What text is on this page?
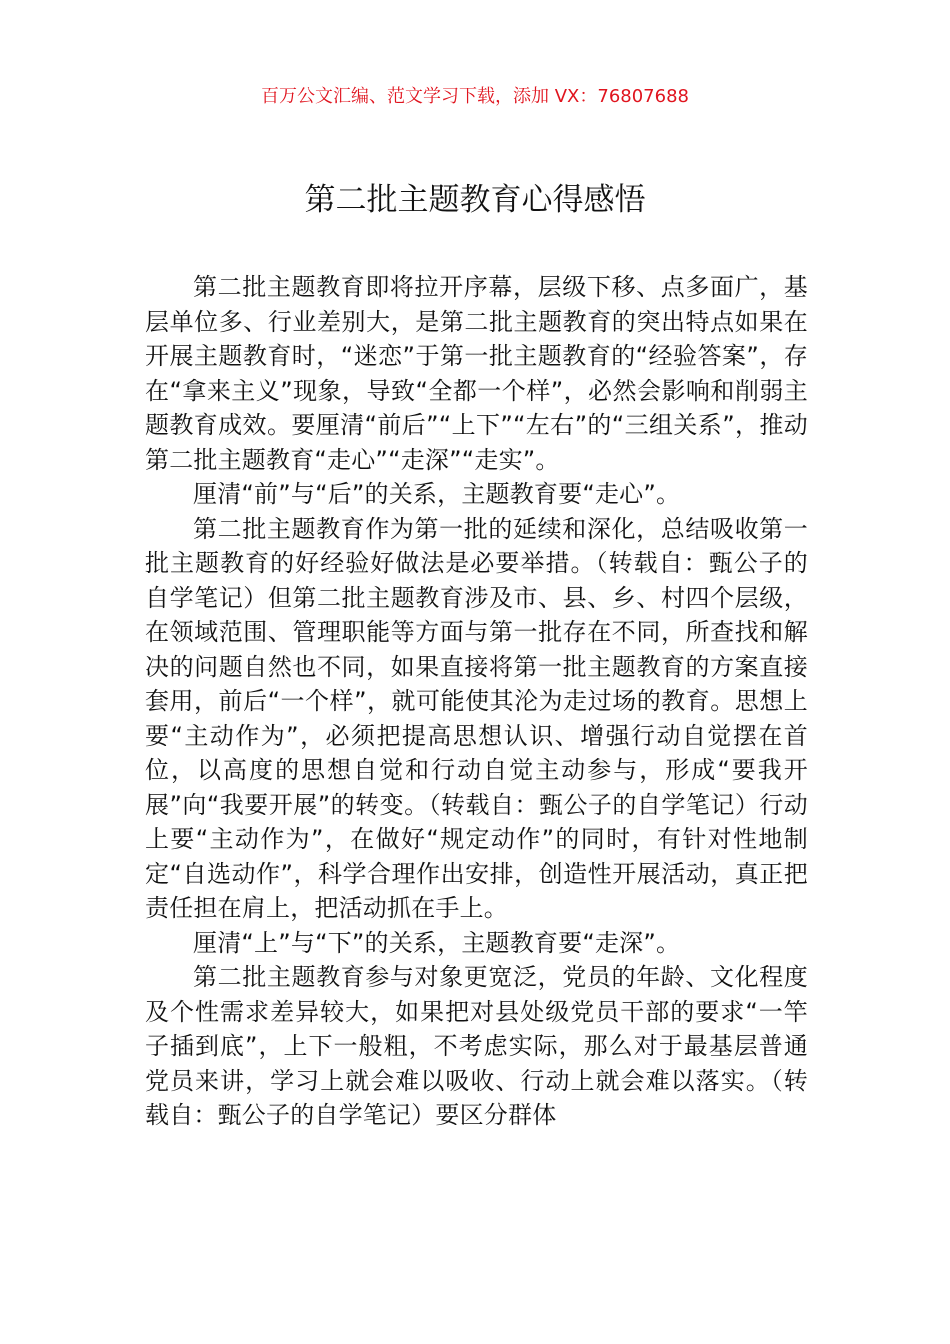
百万公文汇编、范文学习下载，添加 VX：76807688
第二批主题教育心得感悟

第二批主题教育即将拉开序幕，层级下移、点多面广，基层单位多、行业差别大，是第二批主题教育的突出特点如果在开展主题教育时，“迷恋”于第一批主题教育的“经验答案”，存在“拿来主义”现象，导致“全都一个样”，必然会影响和削弱主题教育成效。要厘清“前后”“上下”“左右”的“三组关系”，推动第二批主题教育“走心”“走深”“走实”。

厘清“前”与“后”的关系，主题教育要“走心”。

第二批主题教育作为第一批的延续和深化，总结吸收第一批主题教育的好经验好做法是必要举措。（转载自：甄公子的自学笔记）但第二批主题教育涉及市、县、乡、村四个层级，在领域范围、管理职能等方面与第一批存在不同，所查找和解决的问题自然也不同，如果直接将第一批主题教育的方案直接套用，前后“一个样”，就可能使其沦为走过场的教育。思想上要“主动作为”，必须把提高思想认识、增强行动自觉摆在首位，以高度的思想自觉和行动自觉主动参与，形成“要我开展”向“我要开展”的转变。（转载自：甄公子的自学笔记）行动上要“主动作为”，在做好“规定动作”的同时，有针对性地制定“自选动作”，科学合理作出安排，创造性开展活动，真正把责任担在肩上，把活动抓在手上。

厘清“上”与“下”的关系，主题教育要“走深”。

第二批主题教育参与对象更宽泛，党员的年龄、文化程度及个性需求差异较大，如果把对县处级党员干部的要求“一竿子插到底”，上下一般粗，不考虑实际，那么对于最基层普通党员来讲，学习上就会难以吸收、行动上就会难以落实。（转载自：甄公子的自学笔记）要区分群体
